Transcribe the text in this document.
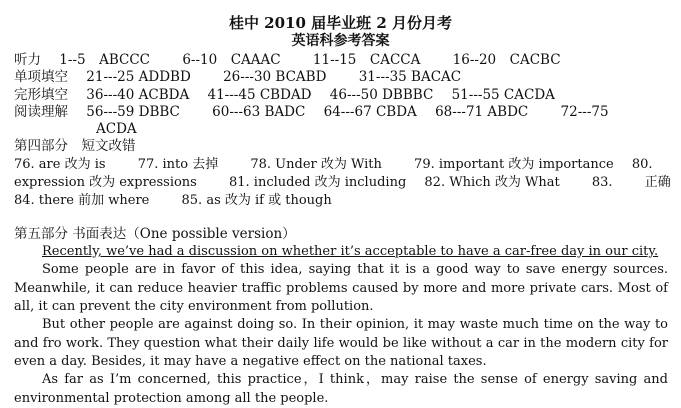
桂中 2010 届毕业班 2 月份月考
英语科参考答案
听力 1--5　ABCCC 6--10　CAAAC 11--15　CACCA 16--20　CACBC
单项填空 21---25 ADDBD 26---30 BCABD 31---35 BACAC
完形填空 36---40 ACBDA 41---45 CBDAD 46---50 DBBBC 51---55 CACDA
阅读理解 56---59 DBBC 60---63 BADC 64---67 CBDA 68---71 ABDC 72---75
ACDA
第四部分　短文改错
76. are 改为 is 77. into 去掉 78. Under 改为 With 79. important 改为 importance 80.
expression 改为 expressions 81. included 改为 including 82. Which 改为 What 83. 正确
84. there 前加 where 85. as 改为 if 或 though
第五部分 书面表达（One possible version）
Recently, we’ve had a discussion on whether it’s acceptable to have a car-free day in our city.
Some people are in favor of this idea, saying that it is a good way to save energy sources. Meanwhile, it can reduce heavier traffic problems caused by more and more private cars. Most of all, it can prevent the city environment from pollution.
But other people are against doing so. In their opinion, it may waste much time on the way to and fro work. They question what their daily life would be like without a car in the modern city for even a day. Besides, it may have a negative effect on the national taxes.
As far as I’m concerned, this practice，I think，may raise the sense of energy saving and environmental protection among all the people.
